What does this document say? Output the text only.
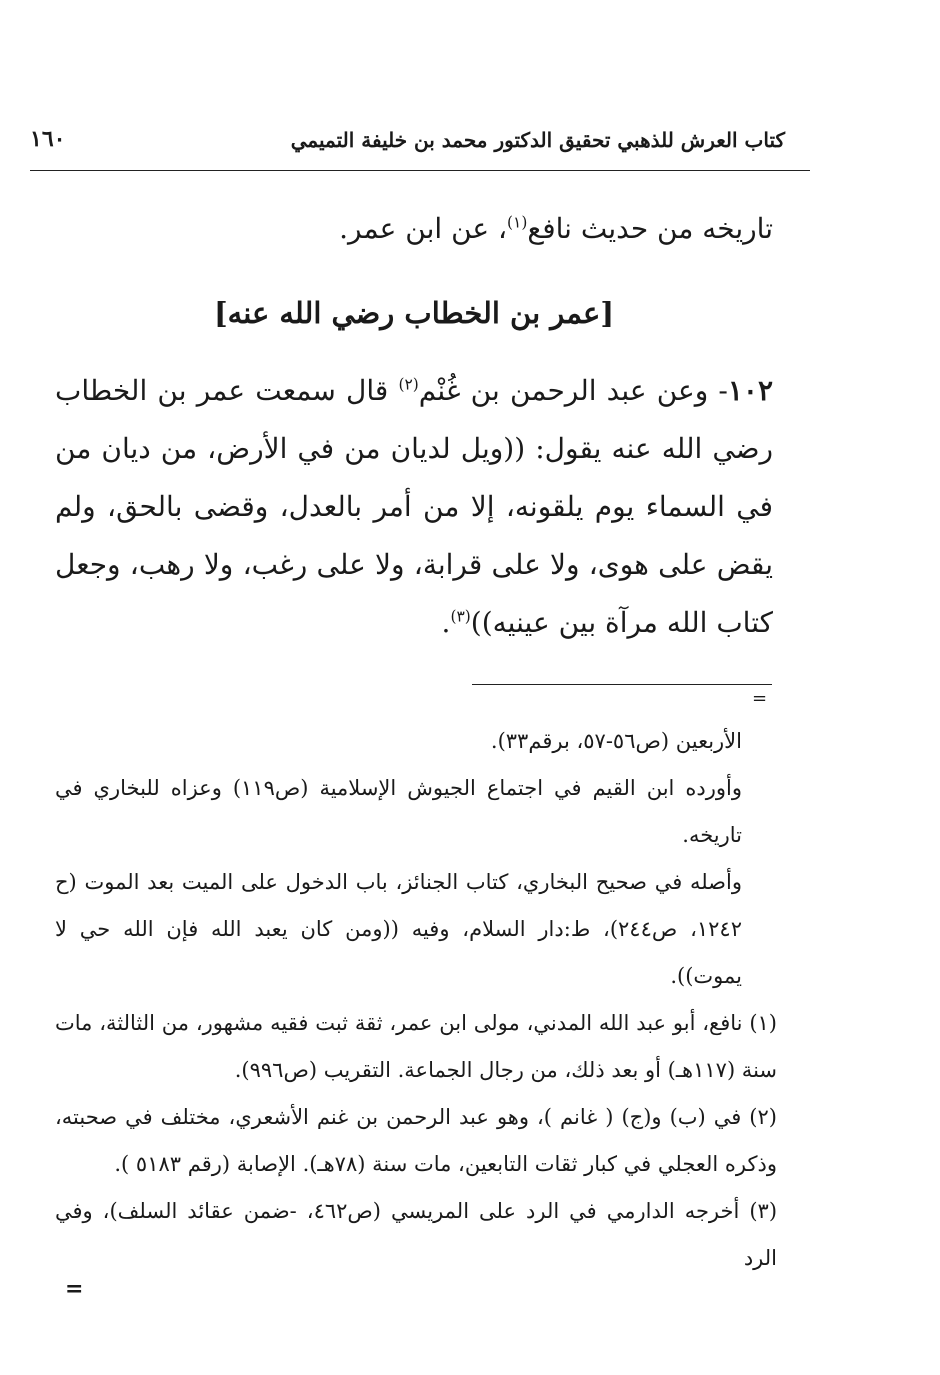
كتاب العرش للذهبي تحقيق الدكتور محمد بن خليفة التميمي
١٦٠

تاريخه من حديث نافع$^{(١)}$، عن ابن عمر.

[عمر بن الخطاب رضي الله عنه]

١٠٢- وعن عبد الرحمن بن غُنْم$^{(٢)}$ قال سمعت عمر بن الخطاب رضي الله عنه يقول: ((ويل لديان من في الأرض، من ديان من في السماء يوم يلقونه، إلا من أمر بالعدل، وقضى بالحق، ولم يقض على هوى، ولا على قرابة، ولا على رغب، ولا رهب، وجعل كتاب الله مرآة بين عينيه))$^{(٣)}$.

=

الأربعين (ص٥٦-٥٧، برقم٣٣).

وأورده ابن القيم في اجتماع الجيوش الإسلامية (ص١١٩) وعزاه للبخاري في تاريخه.

وأصله في صحيح البخاري، كتاب الجنائز، باب الدخول على الميت بعد الموت (ح ١٢٤٢، ص٢٤٤)، ط:دار السلام، وفيه ((ومن كان يعبد الله فإن الله حي لا يموت)).

(١) نافع، أبو عبد الله المدني، مولى ابن عمر، ثقة ثبت فقيه مشهور، من الثالثة، مات سنة (١١٧هـ) أو بعد ذلك، من رجال الجماعة. التقريب (ص٩٩٦).

(٢) في (ب) و(ج) ( غانم )، وهو عبد الرحمن بن غنم الأشعري، مختلف في صحبته، وذكره العجلي في كبار ثقات التابعين، مات سنة (٧٨هـ). الإصابة (رقم ٥١٨٣ ).

(٣) أخرجه الدارمي في الرد على المريسي (ص٤٦٢، -ضمن عقائد السلف)، وفي الرد

=
